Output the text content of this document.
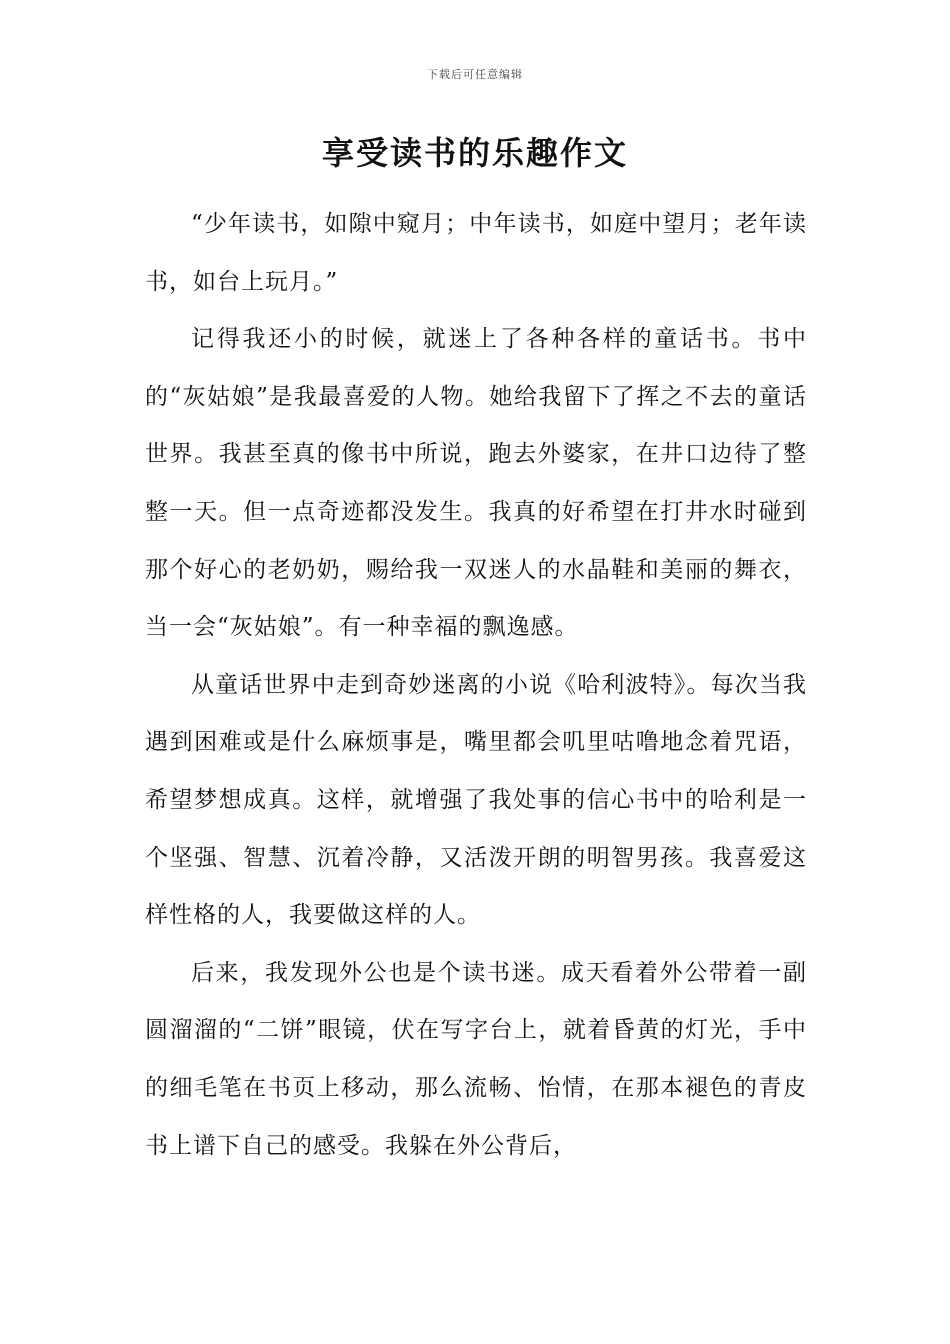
下载后可任意编辑
享受读书的乐趣作文

“少年读书，如隙中窥月；中年读书，如庭中望月；老年读书，如台上玩月。”

记得我还小的时候，就迷上了各种各样的童话书。书中的“灰姑娘”是我最喜爱的人物。她给我留下了挥之不去的童话世界。我甚至真的像书中所说，跑去外婆家，在井口边待了整整一天。但一点奇迹都没发生。我真的好希望在打井水时碰到那个好心的老奶奶，赐给我一双迷人的水晶鞋和美丽的舞衣，当一会“灰姑娘”。有一种幸福的飘逸感。

从童话世界中走到奇妙迷离的小说《哈利波特》。每次当我遇到困难或是什么麻烦事是，嘴里都会叽里咕噜地念着咒语，希望梦想成真。这样，就增强了我处事的信心书中的哈利是一个坚强、智慧、沉着冷静，又活泼开朗的明智男孩。我喜爱这样性格的人，我要做这样的人。

后来，我发现外公也是个读书迷。成天看着外公带着一副圆溜溜的“二饼”眼镜，伏在写字台上，就着昏黄的灯光，手中的细毛笔在书页上移动，那么流畅、怡情，在那本褪色的青皮书上谱下自己的感受。我躲在外公背后，
